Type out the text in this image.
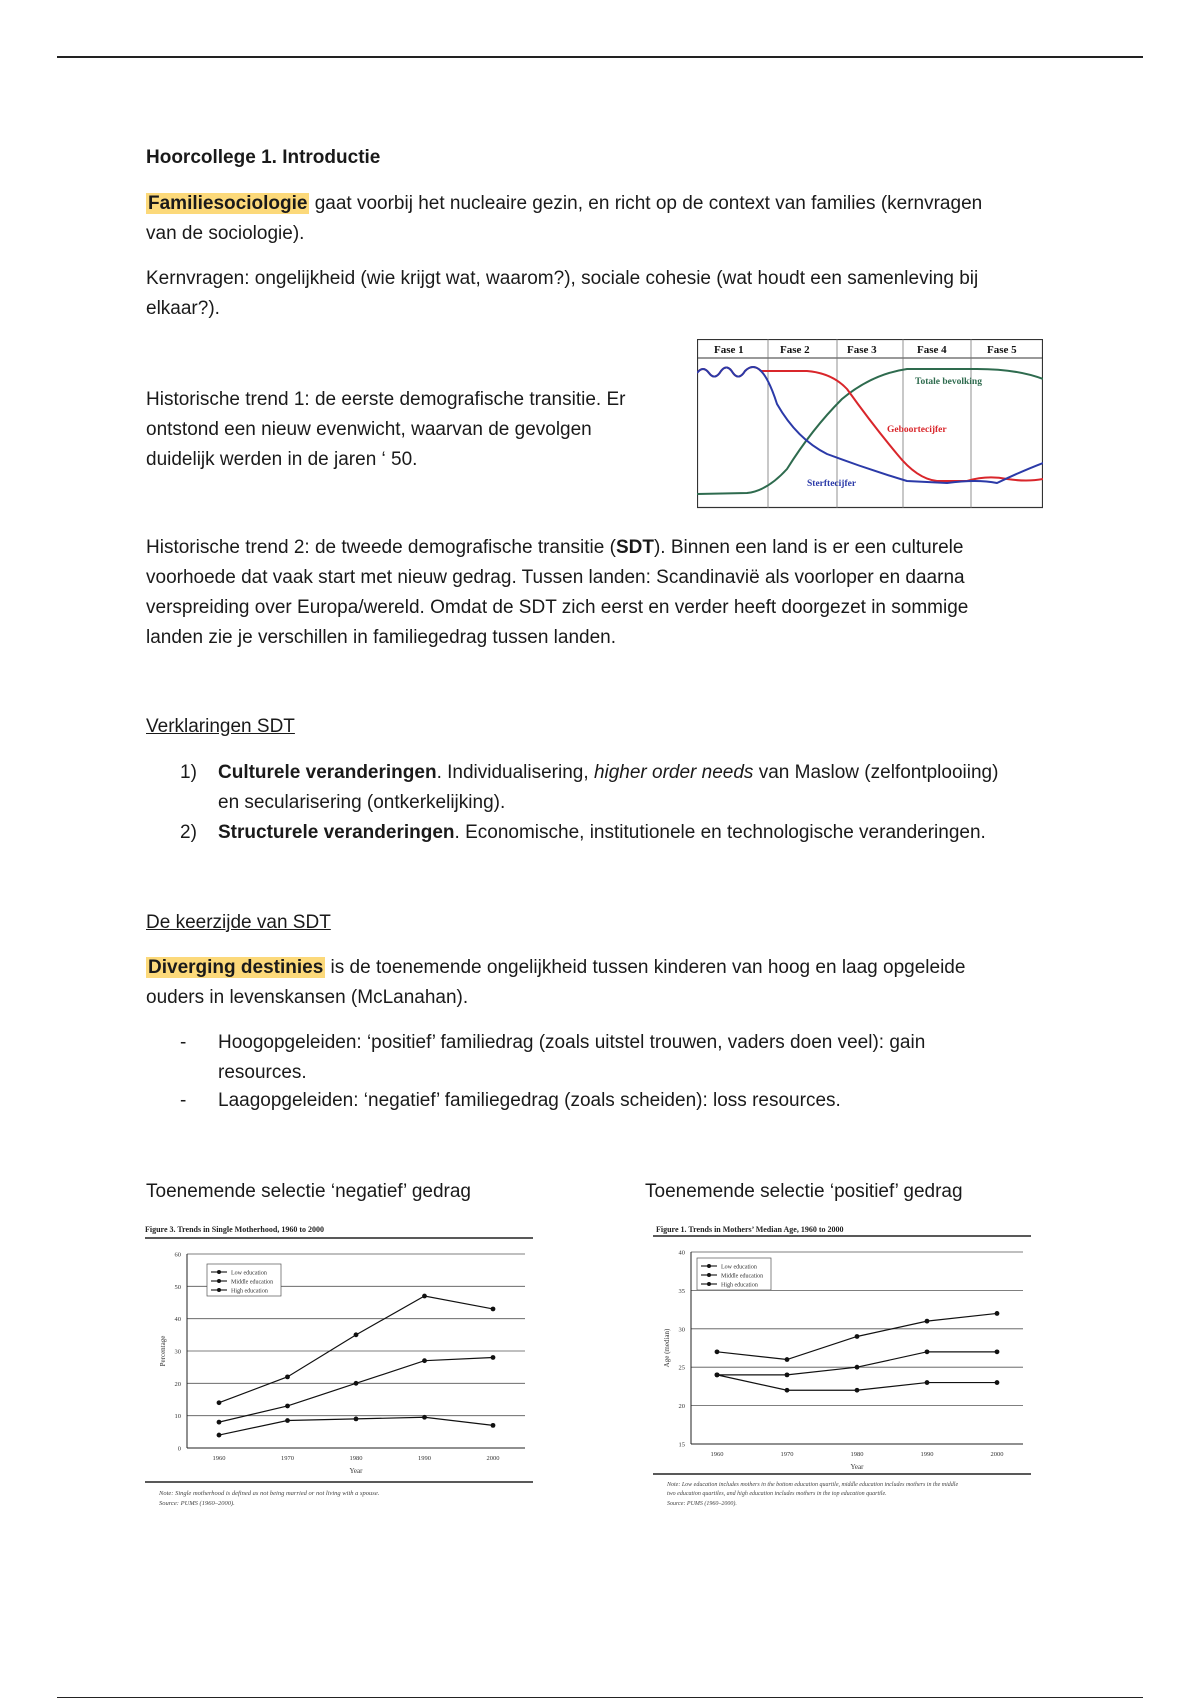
Hoorcollege 1. Introductie
Familiesociologie gaat voorbij het nucleaire gezin, en richt op de context van families (kernvragen
van de sociologie).
Kernvragen: ongelijkheid (wie krijgt wat, waarom?), sociale cohesie (wat houdt een samenleving bij
elkaar?).
Historische trend 1: de eerste demografische transitie. Er
ontstond een nieuw evenwicht, waarvan de gevolgen
duidelijk werden in de jaren ‘ 50.
Fase 1	Fase 2	Fase 3	Fase 4	Fase 5
Totale bevolking
Geboortecijfer
Sterftecijfer
Historische trend 2: de tweede demografische transitie (SDT). Binnen een land is er een culturele
voorhoede dat vaak start met nieuw gedrag. Tussen landen: Scandinavië als voorloper en daarna
verspreiding over Europa/wereld. Omdat de SDT zich eerst en verder heeft doorgezet in sommige
landen zie je verschillen in familiegedrag tussen landen.
Verklaringen SDT
1)	Culturele veranderingen. Individualisering, higher order needs van Maslow (zelfontplooiing)
en secularisering (ontkerkelijking).
2)	Structurele veranderingen. Economische, institutionele en technologische veranderingen.
De keerzijde van SDT
Diverging destinies is de toenemende ongelijkheid tussen kinderen van hoog en laag opgeleide
ouders in levenskansen (McLanahan).
-	Hoogopgeleiden: ‘positief’ familiedrag (zoals uitstel trouwen, vaders doen veel): gain
resources.
-	Laagopgeleiden: ‘negatief’ familiegedrag (zoals scheiden): loss resources.
Toenemende selectie ‘negatief’ gedrag	Toenemende selectie ‘positief’ gedrag
Figure 3. Trends in Single Motherhood, 1960 to 2000
0
10
20
30
40
50
60
1960	1970	1980	1990	2000
Year
Percentage
Low education
Middle education
High education
Note: Single motherhood is defined as not being married or not living with a spouse.
Source: PUMS (1960–2000).
Figure 1. Trends in Mothers’ Median Age, 1960 to 2000
15
20
25
30
35
40
1960	1970	1980	1990	2000
Year
Age (median)
Low education
Middle education
High education
Note: Low education includes mothers in the bottom education quartile, middle education includes mothers in the middle
two education quartiles, and high education includes mothers in the top education quartile.
Source: PUMS (1960–2000).
